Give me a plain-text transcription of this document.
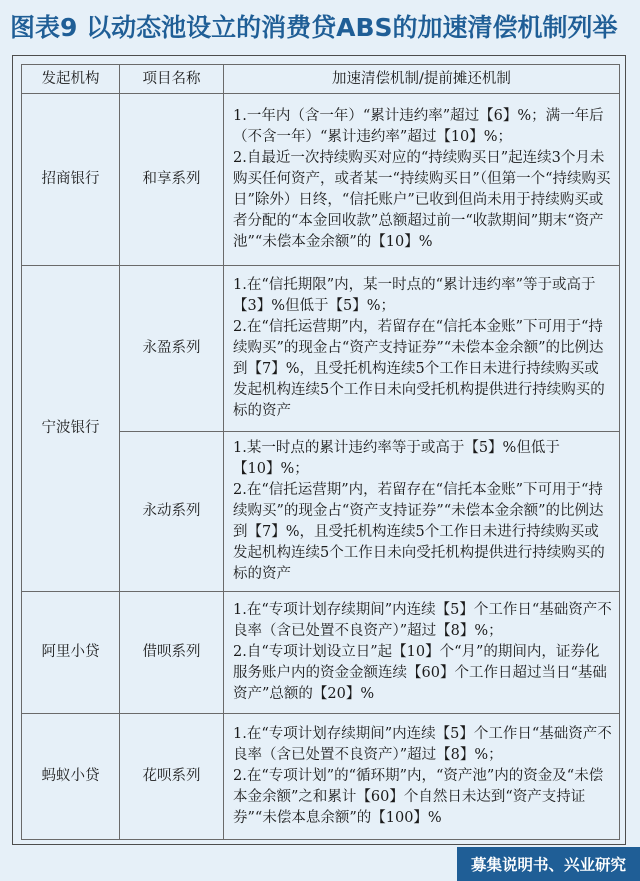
图表9 以动态池设立的消费贷ABS的加速清偿机制列举
发起机构	项目名称	加速清偿机制/提前摊还机制
招商银行	和享系列	1.一年内（含一年）“累计违约率”超过【6】%；满一年后（不含一年）“累计违约率”超过【10】%；
2.自最近一次持续购买对应的“持续购买日”起连续3个月未购买任何资产，或者某一“持续购买日”（但第一个“持续购买日”除外）日终，“信托账户”已收到但尚未用于持续购买或者分配的“本金回收款”总额超过前一“收款期间”期末“资产池”“未偿本金余额”的【10】%

宁波银行	永盈系列	1.在“信托期限”内，某一时点的“累计违约率”等于或高于【3】%但低于【5】%；
2.在“信托运营期”内，若留存在“信托本金账”下可用于“持续购买”的现金占“资产支持证券”“未偿本金余额”的比例达到【7】%，且受托机构连续5个工作日未进行持续购买或发起机构连续5个工作日未向受托机构提供进行持续购买的标的资产

	永动系列	1.某一时点的累计违约率等于或高于【5】%但低于【10】%；
2.在“信托运营期”内，若留存在“信托本金账”下可用于“持续购买”的现金占“资产支持证券”“未偿本金余额”的比例达到【7】%，且受托机构连续5个工作日未进行持续购买或发起机构连续5个工作日未向受托机构提供进行持续购买的标的资产

阿里小贷	借呗系列	1.在“专项计划存续期间”内连续【5】个工作日“基础资产不良率（含已处置不良资产）”超过【8】%；
2.自“专项计划设立日”起【10】个“月”的期间内，证券化服务账户内的资金金额连续【60】个工作日超过当日“基础资产”总额的【20】%

蚂蚁小贷	花呗系列	1.在“专项计划存续期间”内连续【5】个工作日“基础资产不良率（含已处置不良资产）”超过【8】%；
2.在“专项计划”的“循环期”内，“资产池”内的资金及“未偿本金余额”之和累计【60】个自然日未达到“资产支持证券”“未偿本息余额”的【100】%
募集说明书、兴业研究
